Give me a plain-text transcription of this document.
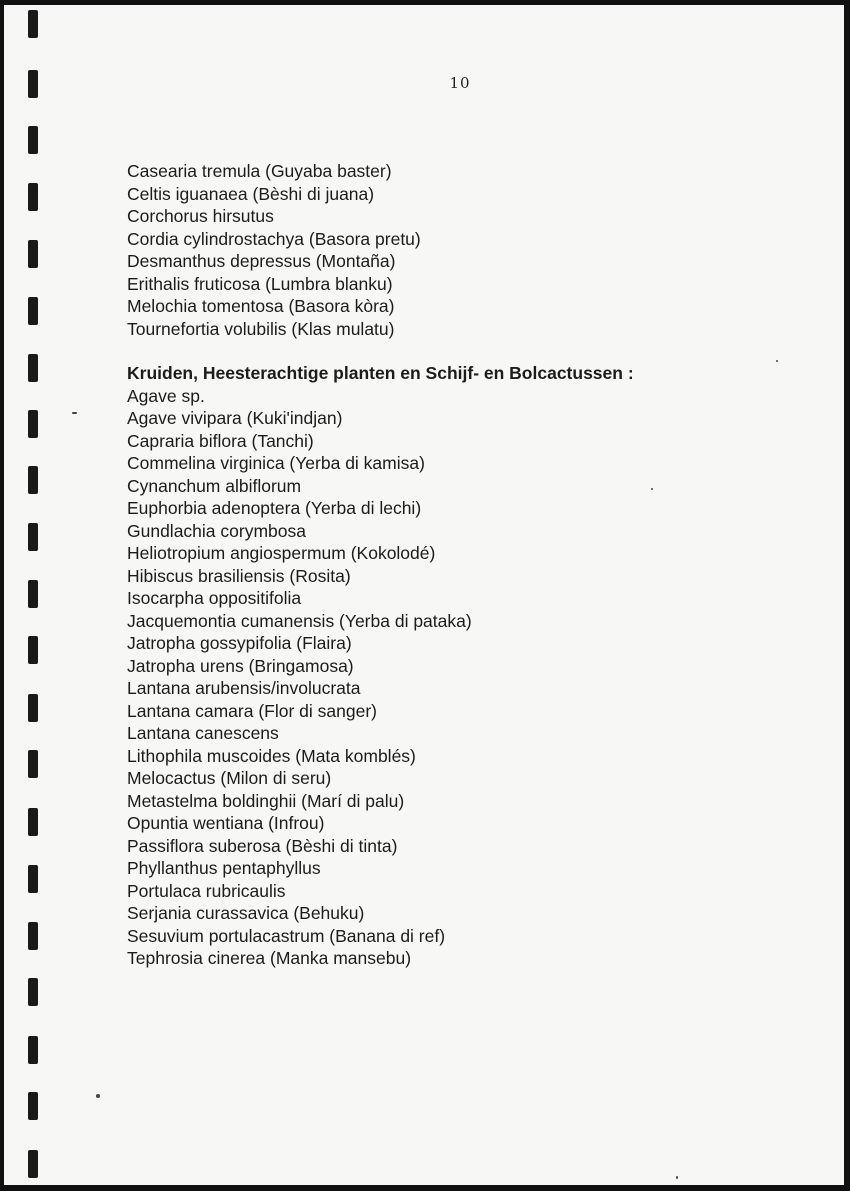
10
Casearia tremula (Guyaba baster)
Celtis iguanaea (Bèshi di juana)
Corchorus hirsutus
Cordia cylindrostachya (Basora pretu)
Desmanthus depressus (Montaña)
Erithalis fruticosa (Lumbra blanku)
Melochia tomentosa (Basora kòra)
Tournefortia volubilis (Klas mulatu)
Kruiden, Heesterachtige planten en Schijf- en Bolcactussen :
Agave sp.
Agave vivipara (Kuki'indjan)
Capraria biflora (Tanchi)
Commelina virginica (Yerba di kamisa)
Cynanchum albiflorum
Euphorbia adenoptera (Yerba di lechi)
Gundlachia corymbosa
Heliotropium angiospermum (Kokolodé)
Hibiscus brasiliensis (Rosita)
Isocarpha oppositifolia
Jacquemontia cumanensis (Yerba di pataka)
Jatropha gossypifolia (Flaira)
Jatropha urens (Bringamosa)
Lantana arubensis/involucrata
Lantana camara (Flor di sanger)
Lantana canescens
Lithophila muscoides (Mata komblés)
Melocactus (Milon di seru)
Metastelma boldinghii (Marí di palu)
Opuntia wentiana (Infrou)
Passiflora suberosa (Bèshi di tinta)
Phyllanthus pentaphyllus
Portulaca rubricaulis
Serjania curassavica (Behuku)
Sesuvium portulacastrum (Banana di ref)
Tephrosia cinerea (Manka mansebu)
